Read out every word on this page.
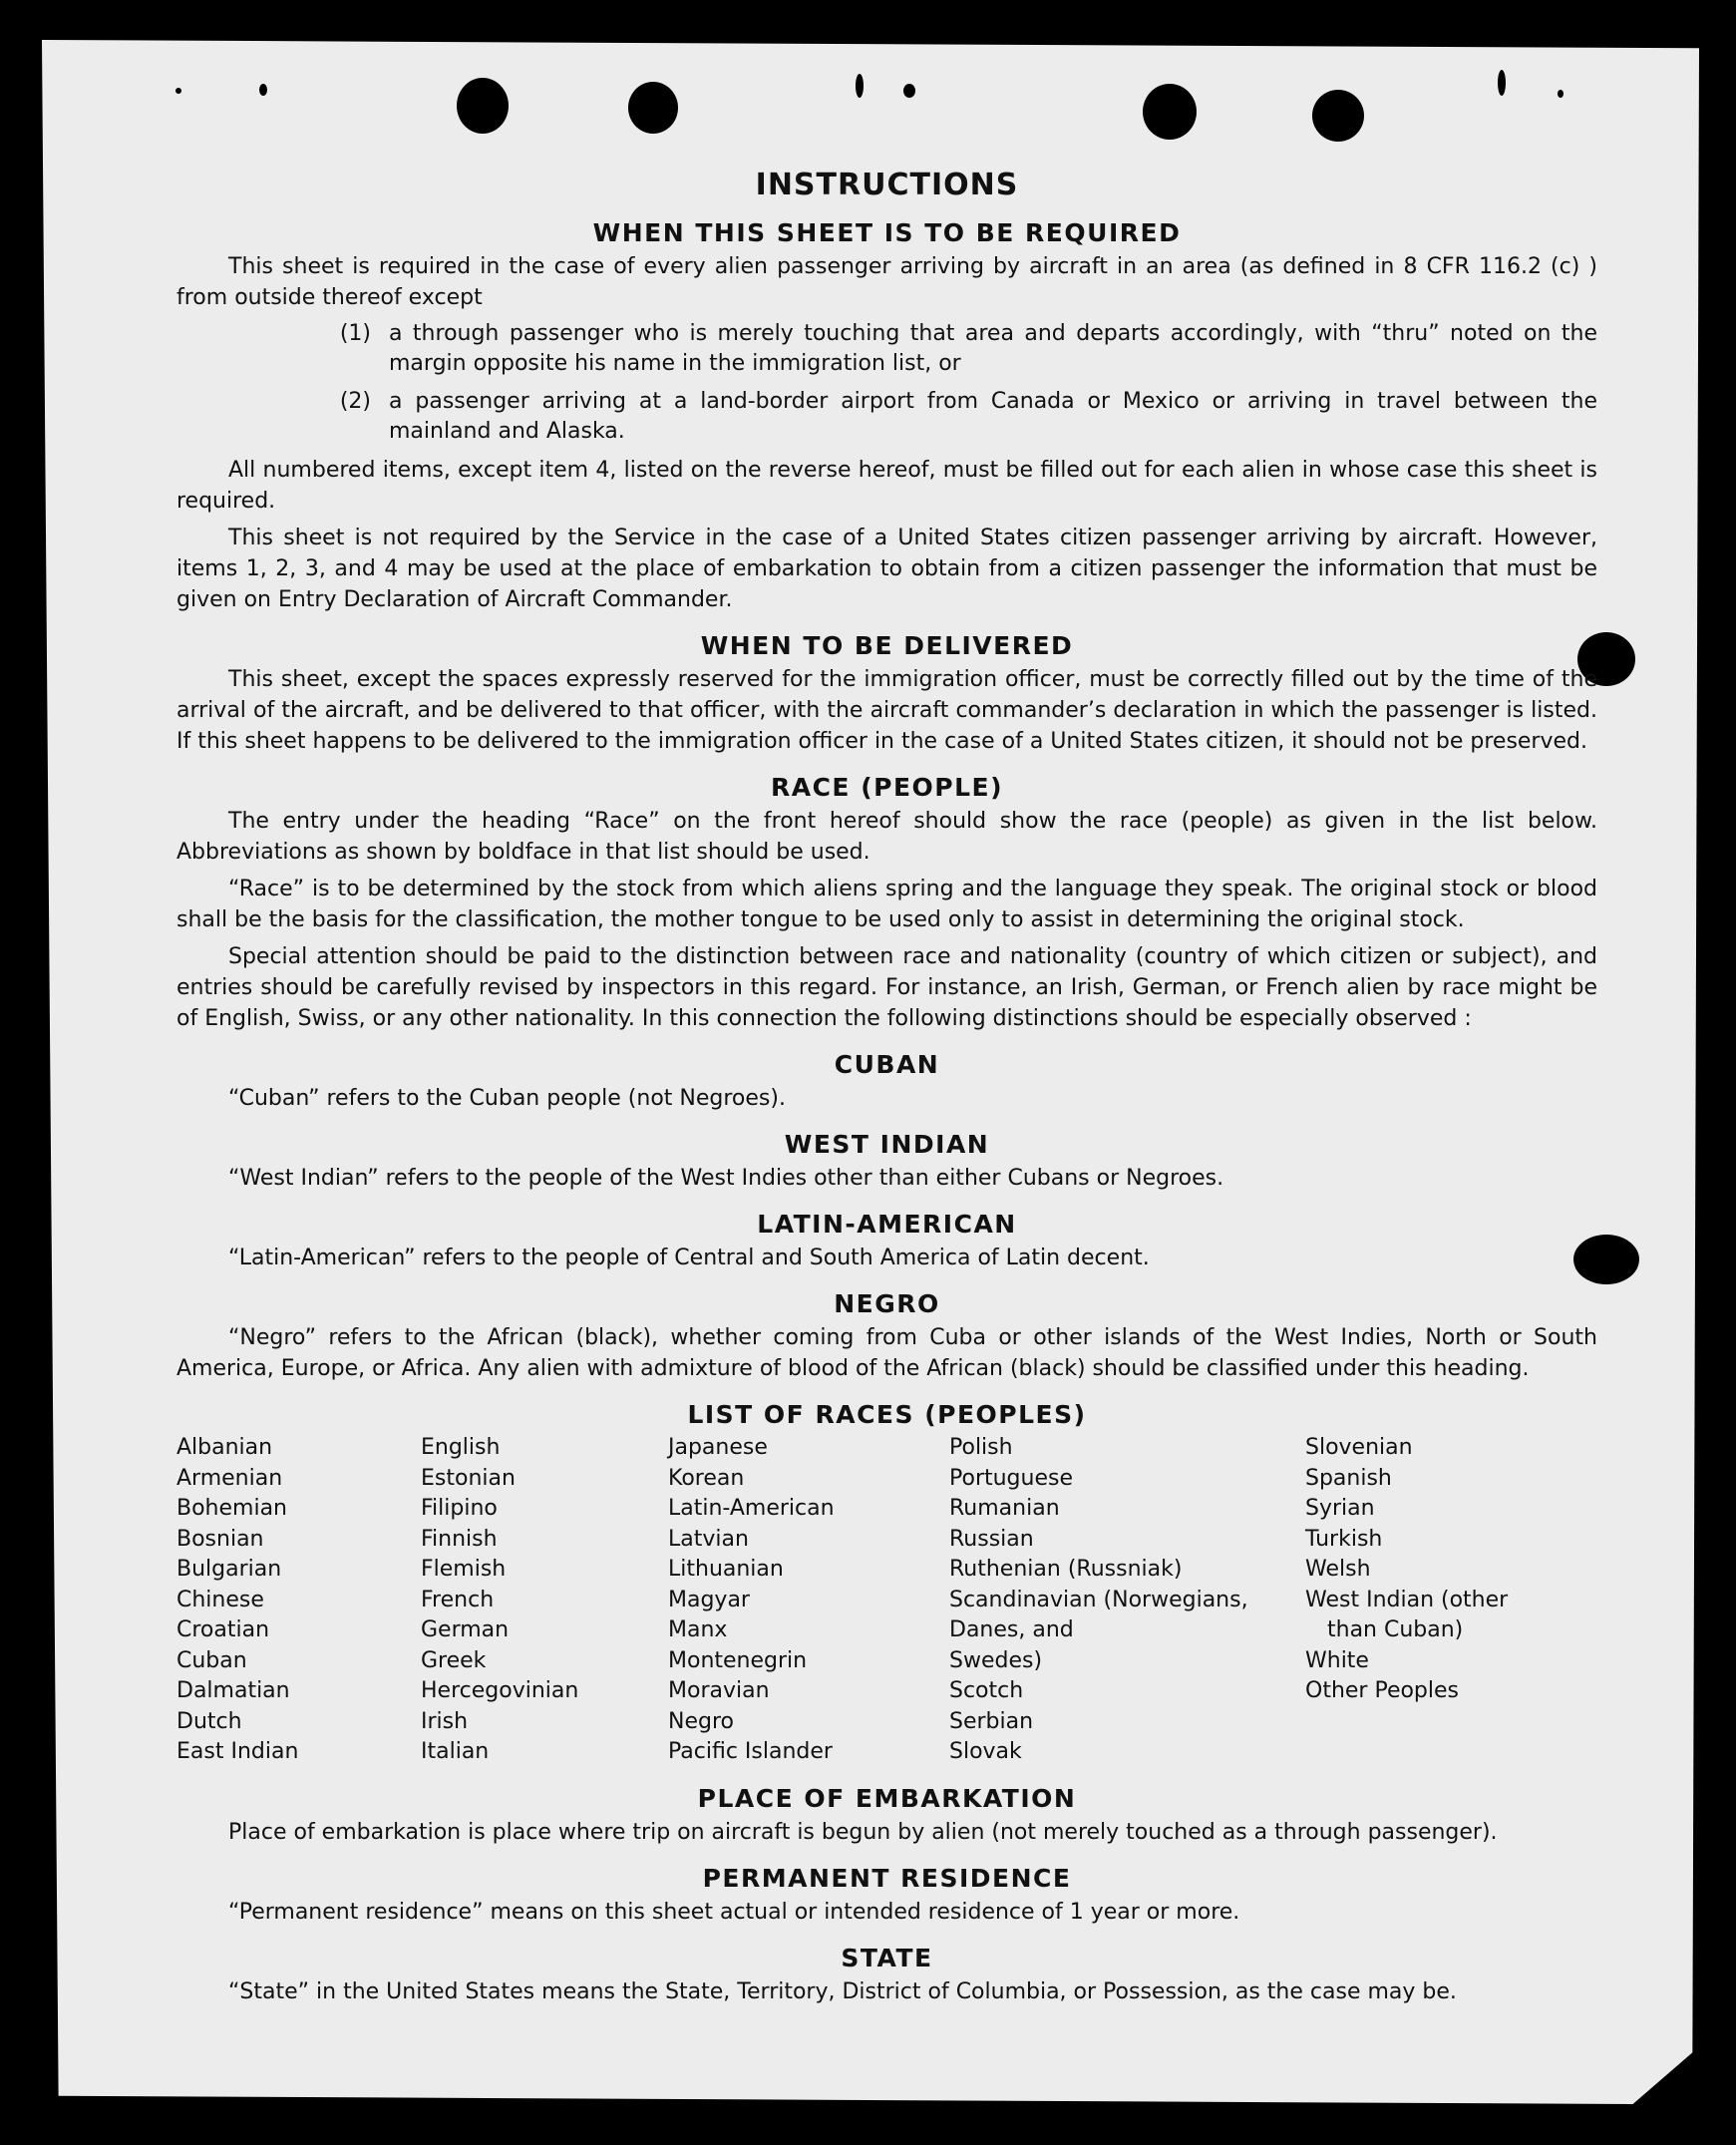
INSTRUCTIONS
WHEN THIS SHEET IS TO BE REQUIRED

This sheet is required in the case of every alien passenger arriving by aircraft in an area (as defined in 8 CFR 116.2 (c) ) from outside thereof except

(1) a through passenger who is merely touching that area and departs accordingly, with “thru” noted on the margin opposite his name in the immigration list, or
(2) a passenger arriving at a land-border airport from Canada or Mexico or arriving in travel between the mainland and Alaska.

All numbered items, except item 4, listed on the reverse hereof, must be filled out for each alien in whose case this sheet is required.

This sheet is not required by the Service in the case of a United States citizen passenger arriving by aircraft. However, items 1, 2, 3, and 4 may be used at the place of embarkation to obtain from a citizen passenger the information that must be given on Entry Declaration of Aircraft Commander.

WHEN TO BE DELIVERED

This sheet, except the spaces expressly reserved for the immigration officer, must be correctly filled out by the time of the arrival of the aircraft, and be delivered to that officer, with the aircraft commander’s declaration in which the passenger is listed. If this sheet happens to be delivered to the immigration officer in the case of a United States citizen, it should not be preserved.

RACE (PEOPLE)

The entry under the heading “Race” on the front hereof should show the race (people) as given in the list below. Abbreviations as shown by boldface in that list should be used.

“Race” is to be determined by the stock from which aliens spring and the language they speak. The original stock or blood shall be the basis for the classification, the mother tongue to be used only to assist in determining the original stock.

Special attention should be paid to the distinction between race and nationality (country of which citizen or subject), and entries should be carefully revised by inspectors in this regard. For instance, an Irish, German, or French alien by race might be of English, Swiss, or any other nationality. In this connection the following distinctions should be especially observed :

CUBAN

“Cuban” refers to the Cuban people (not Negroes).

WEST INDIAN

“West Indian” refers to the people of the West Indies other than either Cubans or Negroes.

LATIN-AMERICAN

“Latin-American” refers to the people of Central and South America of Latin decent.

NEGRO

“Negro” refers to the African (black), whether coming from Cuba or other islands of the West Indies, North or South America, Europe, or Africa. Any alien with admixture of blood of the African (black) should be classified under this heading.

LIST OF RACES (PEOPLES)
Albanian
Armenian
Bohemian
Bosnian
Bulgarian
Chinese
Croatian
Cuban
Dalmatian
Dutch
East Indian
English
Estonian
Filipino
Finnish
Flemish
French
German
Greek
Hercegovinian
Irish
Italian
Japanese
Korean
Latin-American
Latvian
Lithuanian
Magyar
Manx
Montenegrin
Moravian
Negro
Pacific Islander
Polish
Portuguese
Rumanian
Russian
Ruthenian (Russniak)
Scandinavian (Norwegians,
Danes, and
Swedes)
Scotch
Serbian
Slovak
Slovenian
Spanish
Syrian
Turkish
Welsh
West Indian (other
than Cuban)
White
Other Peoples
PLACE OF EMBARKATION

Place of embarkation is place where trip on aircraft is begun by alien (not merely touched as a through passenger).

PERMANENT RESIDENCE

“Permanent residence” means on this sheet actual or intended residence of 1 year or more.

STATE

“State” in the United States means the State, Territory, District of Columbia, or Possession, as the case may be.
